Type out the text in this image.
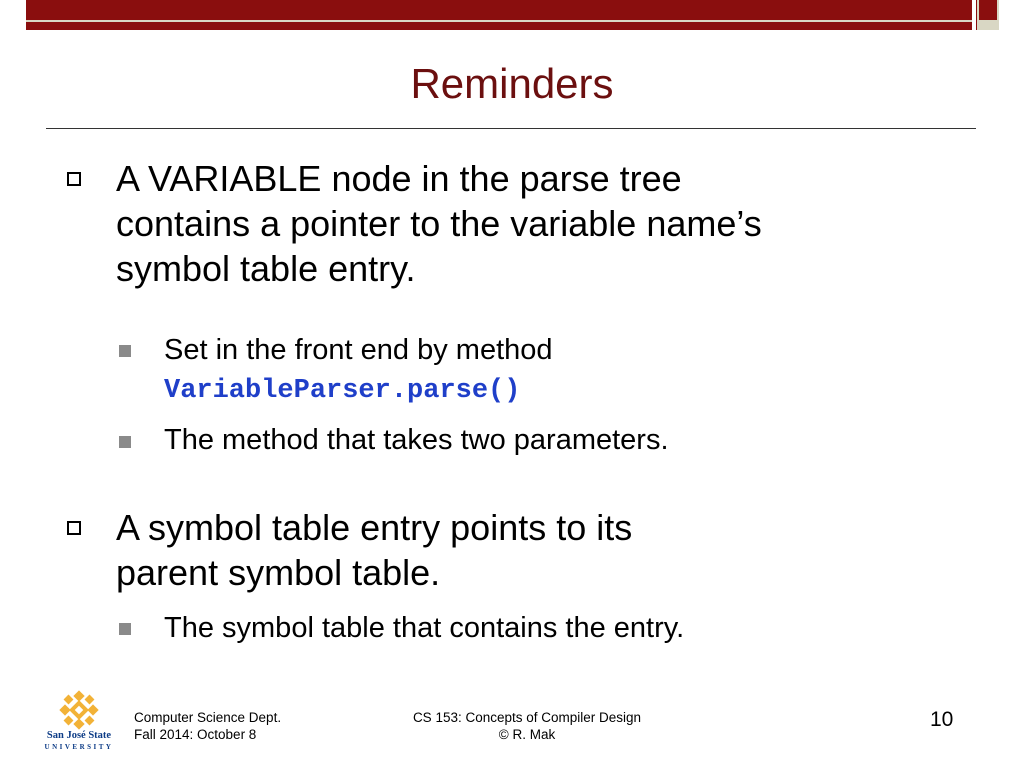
Reminders
A VARIABLE node in the parse tree
contains a pointer to the variable name’s
symbol table entry.
Set in the front end by method
VariableParser.parse()
The method that takes two parameters.
A symbol table entry points to its
parent symbol table.
The symbol table that contains the entry.
San José State
UNIVERSITY
Computer Science Dept.
Fall 2014: October 8
CS 153: Concepts of Compiler Design
© R. Mak
10
